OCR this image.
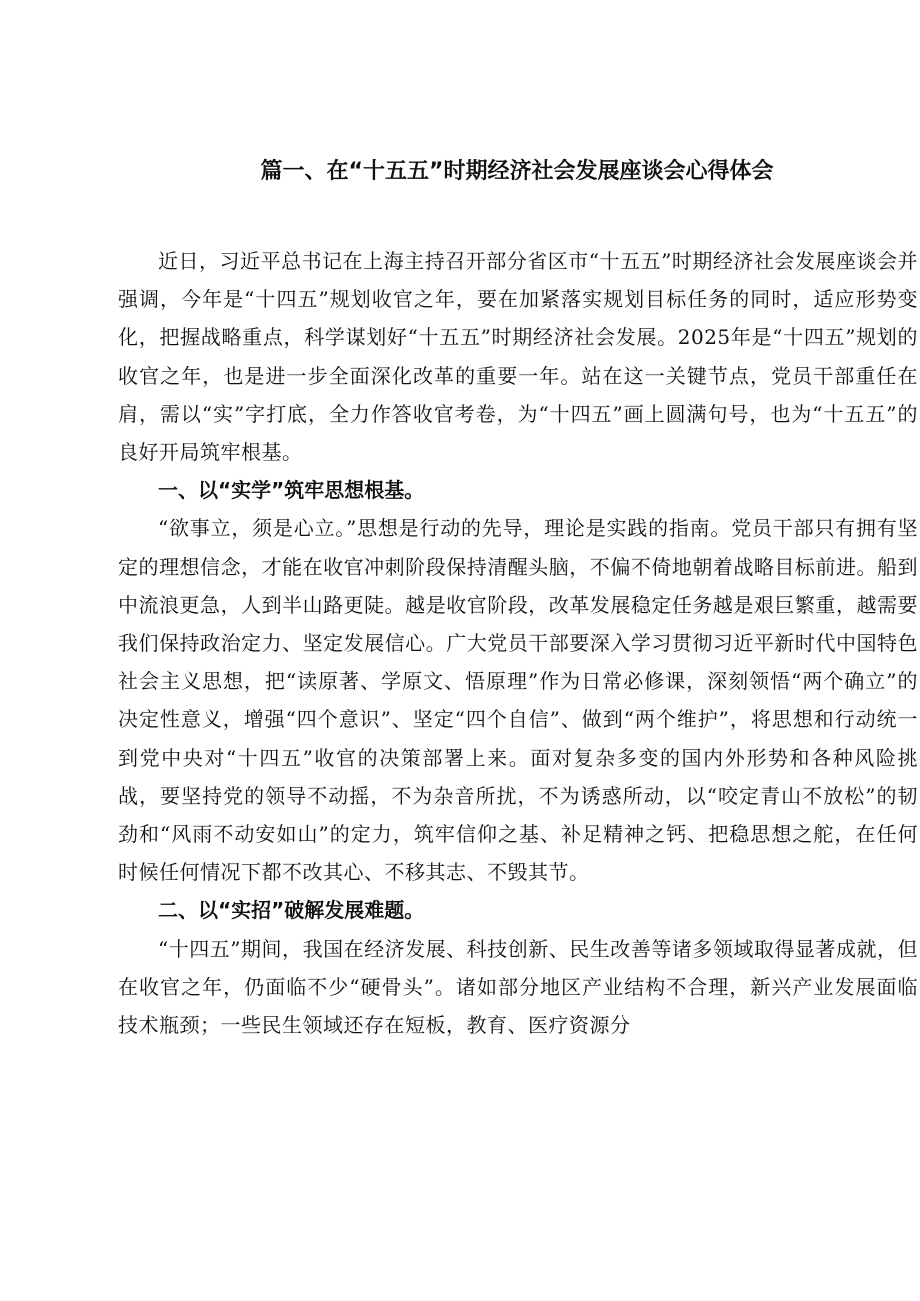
篇一、在“十五五”时期经济社会发展座谈会心得体会

近日，习近平总书记在上海主持召开部分省区市“十五五”时期经济社会发展座谈会并强调，今年是“十四五”规划收官之年，要在加紧落实规划目标任务的同时，适应形势变化，把握战略重点，科学谋划好“十五五”时期经济社会发展。2025年是“十四五”规划的收官之年，也是进一步全面深化改革的重要一年。站在这一关键节点，党员干部重任在肩，需以“实”字打底，全力作答收官考卷，为“十四五”画上圆满句号，也为“十五五”的良好开局筑牢根基。

一、以“实学”筑牢思想根基。

“欲事立，须是心立。”思想是行动的先导，理论是实践的指南。党员干部只有拥有坚定的理想信念，才能在收官冲刺阶段保持清醒头脑，不偏不倚地朝着战略目标前进。船到中流浪更急，人到半山路更陡。越是收官阶段，改革发展稳定任务越是艰巨繁重，越需要我们保持政治定力、坚定发展信心。广大党员干部要深入学习贯彻习近平新时代中国特色社会主义思想，把“读原著、学原文、悟原理”作为日常必修课，深刻领悟“两个确立”的决定性意义，增强“四个意识”、坚定“四个自信”、做到“两个维护”，将思想和行动统一到党中央对“十四五”收官的决策部署上来。面对复杂多变的国内外形势和各种风险挑战，要坚持党的领导不动摇，不为杂音所扰，不为诱惑所动，以“咬定青山不放松”的韧劲和“风雨不动安如山”的定力，筑牢信仰之基、补足精神之钙、把稳思想之舵，在任何时候任何情况下都不改其心、不移其志、不毁其节。

二、以“实招”破解发展难题。

“十四五”期间，我国在经济发展、科技创新、民生改善等诸多领域取得显著成就，但在收官之年，仍面临不少“硬骨头”。诸如部分地区产业结构不合理，新兴产业发展面临技术瓶颈；一些民生领域还存在短板，教育、医疗资源分
